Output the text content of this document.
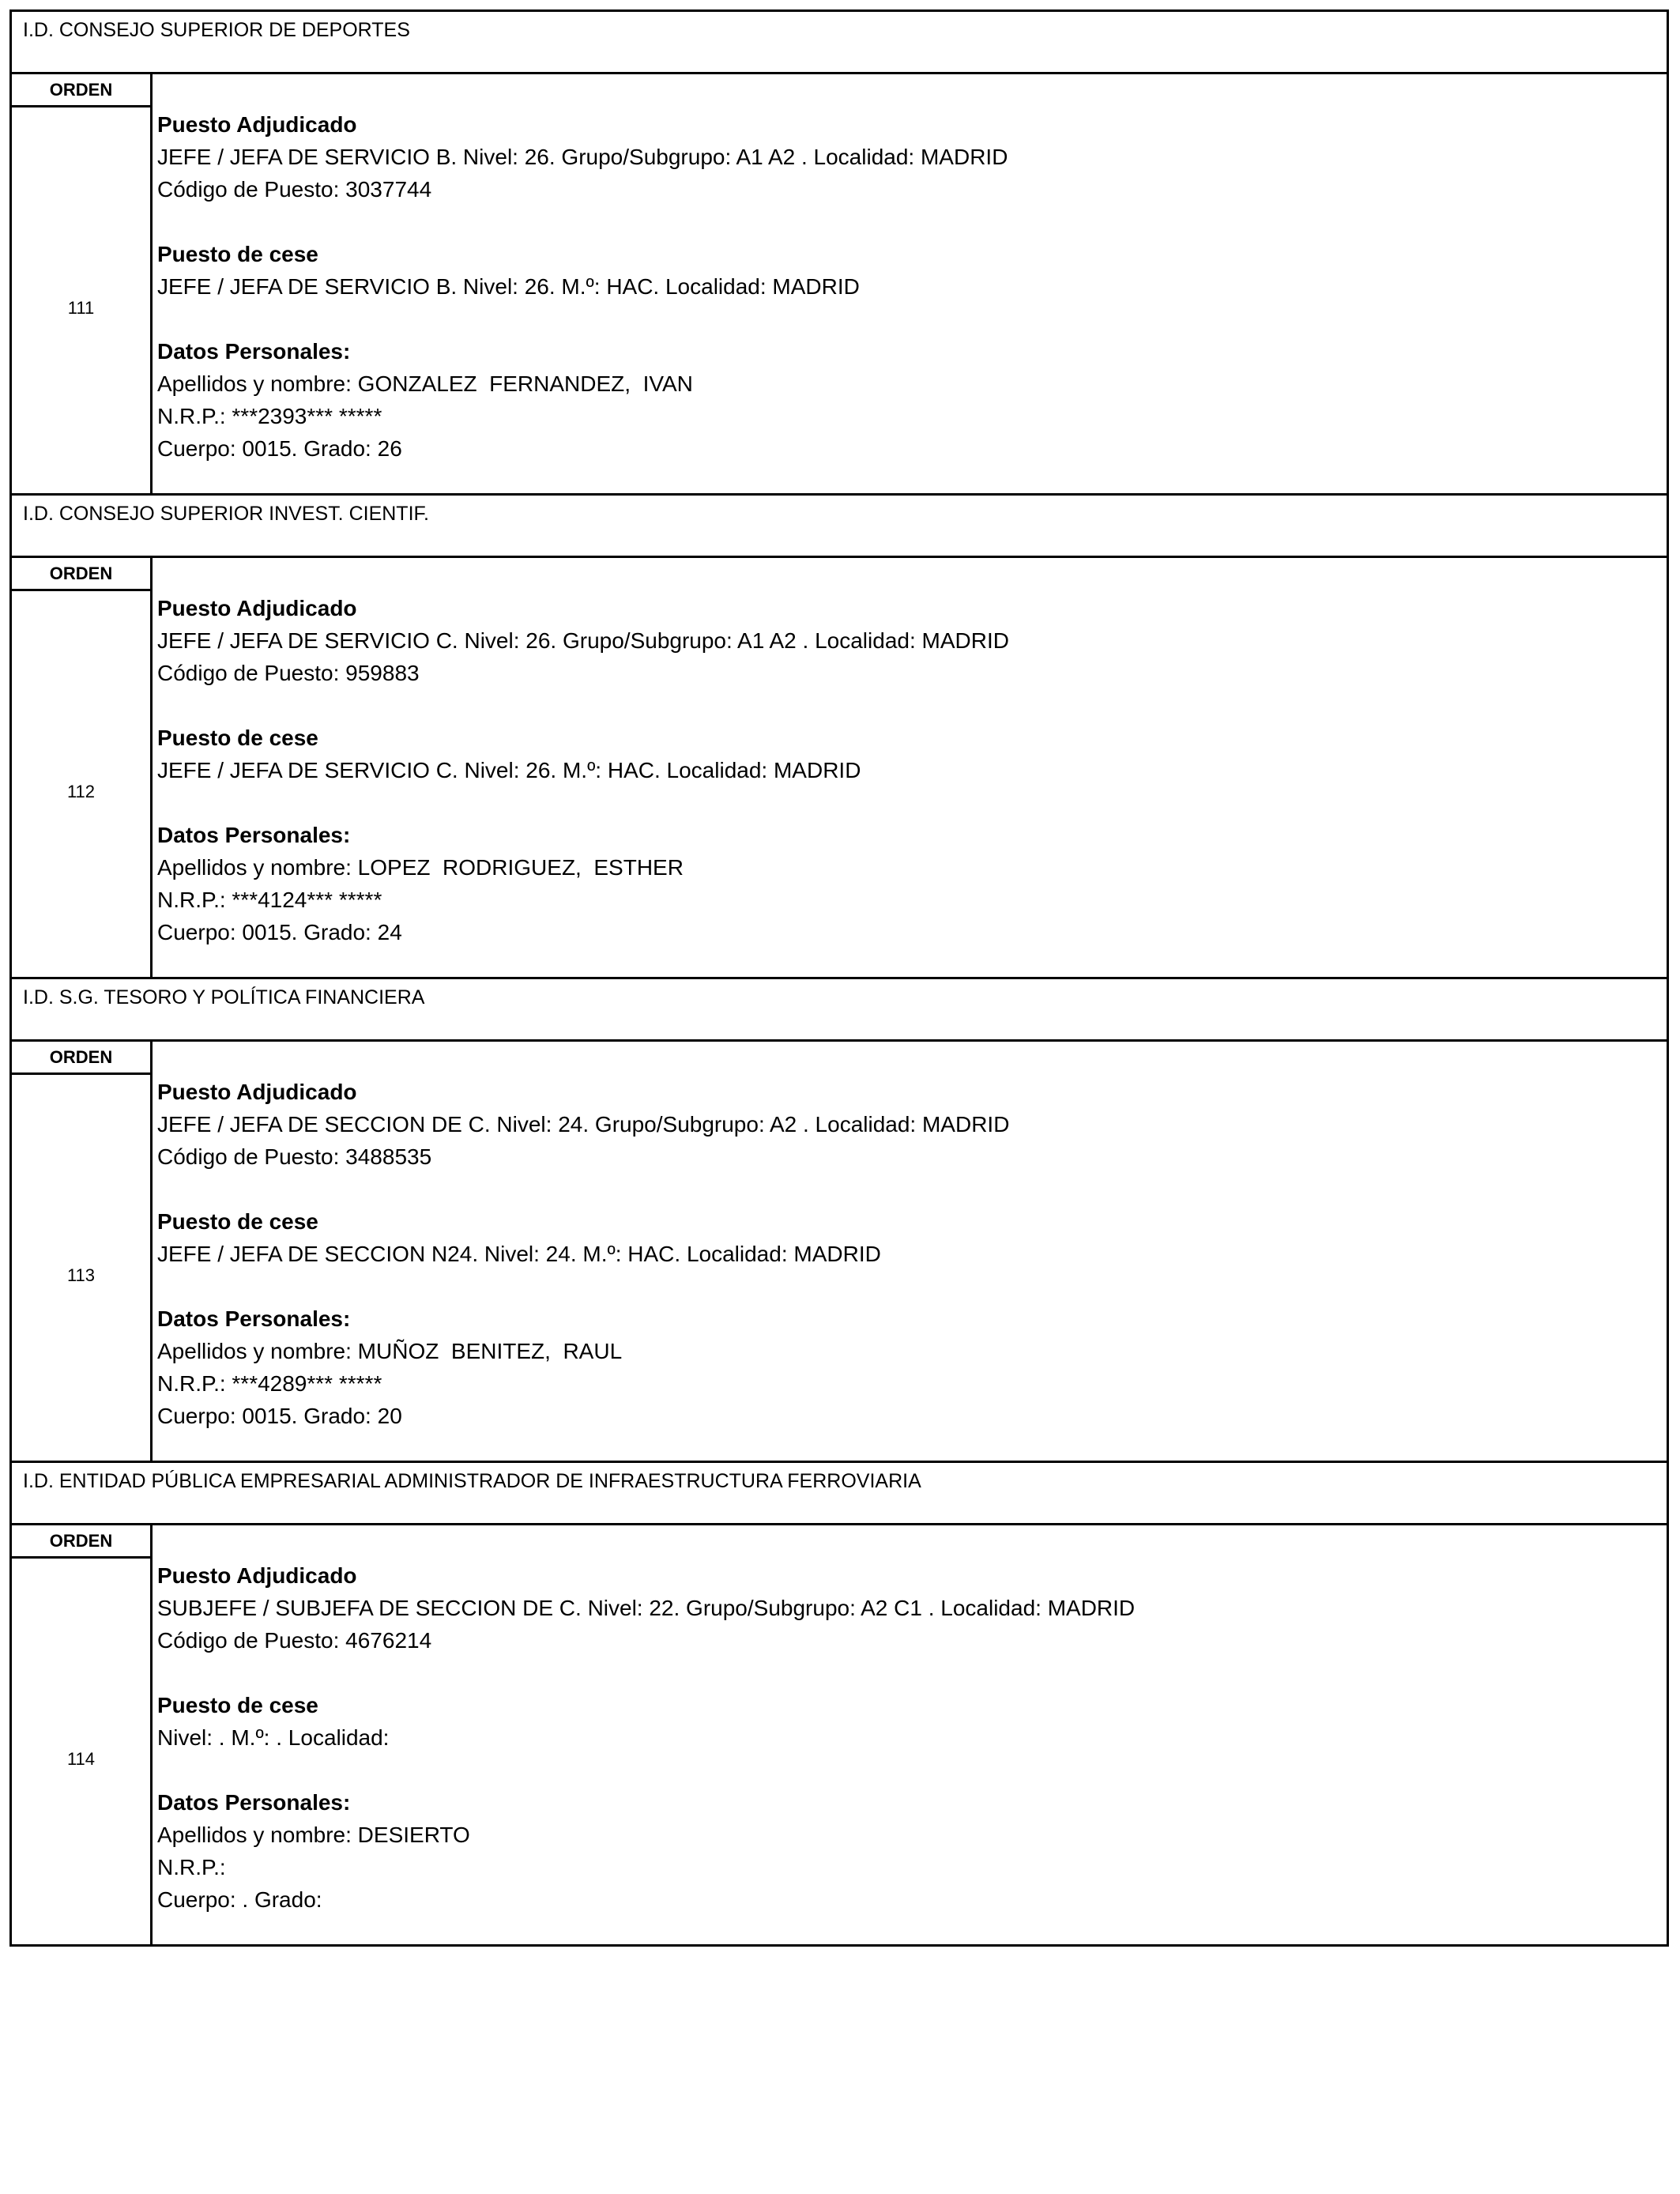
I.D. CONSEJO SUPERIOR DE DEPORTES
ORDEN
111
Puesto Adjudicado
JEFE / JEFA DE SERVICIO B. Nivel: 26. Grupo/Subgrupo: A1 A2 . Localidad: MADRID
Código de Puesto: 3037744
Puesto de cese
JEFE / JEFA DE SERVICIO B. Nivel: 26. M.º: HAC. Localidad: MADRID
Datos Personales:
Apellidos y nombre: GONZALEZ  FERNANDEZ,  IVAN
N.R.P.: ***2393*** *****
Cuerpo: 0015. Grado: 26
I.D. CONSEJO SUPERIOR INVEST. CIENTIF.
ORDEN
112
Puesto Adjudicado
JEFE / JEFA DE SERVICIO C. Nivel: 26. Grupo/Subgrupo: A1 A2 . Localidad: MADRID
Código de Puesto: 959883
Puesto de cese
JEFE / JEFA DE SERVICIO C. Nivel: 26. M.º: HAC. Localidad: MADRID
Datos Personales:
Apellidos y nombre: LOPEZ  RODRIGUEZ,  ESTHER
N.R.P.: ***4124*** *****
Cuerpo: 0015. Grado: 24
I.D. S.G. TESORO Y POLÍTICA FINANCIERA
ORDEN
113
Puesto Adjudicado
JEFE / JEFA DE SECCION DE C. Nivel: 24. Grupo/Subgrupo: A2 . Localidad: MADRID
Código de Puesto: 3488535
Puesto de cese
JEFE / JEFA DE SECCION N24. Nivel: 24. M.º: HAC. Localidad: MADRID
Datos Personales:
Apellidos y nombre: MUÑOZ  BENITEZ,  RAUL
N.R.P.: ***4289*** *****
Cuerpo: 0015. Grado: 20
I.D. ENTIDAD PÚBLICA EMPRESARIAL ADMINISTRADOR DE INFRAESTRUCTURA FERROVIARIA
ORDEN
114
Puesto Adjudicado
SUBJEFE / SUBJEFA DE SECCION DE C. Nivel: 22. Grupo/Subgrupo: A2 C1 . Localidad: MADRID
Código de Puesto: 4676214
Puesto de cese
Nivel: . M.º: . Localidad:
Datos Personales:
Apellidos y nombre: DESIERTO
N.R.P.:
Cuerpo: . Grado:
